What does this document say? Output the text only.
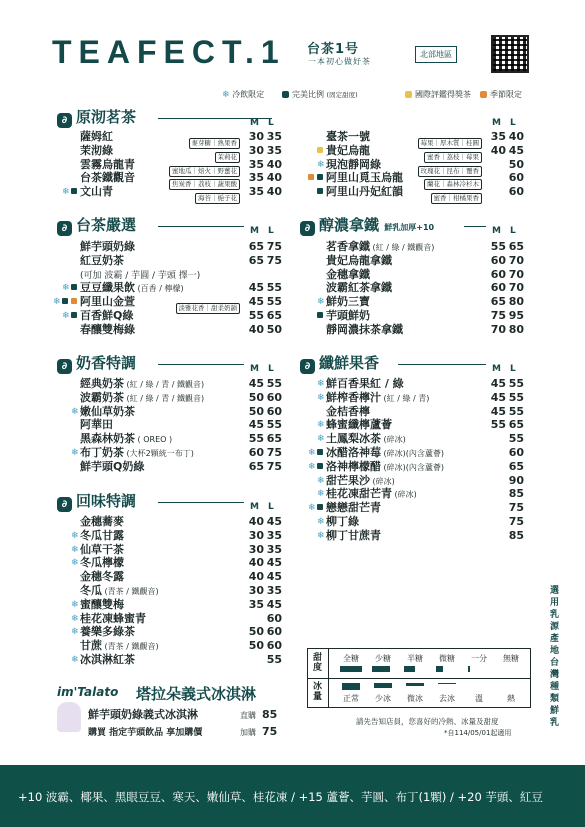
TEAFECT.1 台茶1号
一本初心做好茶
北部地區
❄ 冷飲限定	完美比例 (固定甜度)	國際評鑑得獎茶	季節限定
∂ 原沏茗茶	M L	M L
∂ 台茶嚴選	M L	∂ 醇濃拿鐵 鮮乳加厚+10	M L
∂ 奶香特調	M L	∂ 纖鮮果香	M L
∂ 回味特調	M L
薩姆紅	麥芽糖｜熟果香	30 35
茉沏綠	茉莉花	30 35
雲霧烏龍青	蜜地瓜｜焙火｜野薑花	35 40
台茶鐵觀音	焦炭香｜荔枝｜蔬果酸	35 40
文山青	海苔｜梔子花	35 40
❄
臺茶一號	莓果｜厚木質｜桂圓	35 40
貴妃烏龍	蜜香｜荔枝｜莓果	40 45
現泡靜岡綠	玫瑰花｜昆布｜覆香	50
❄
阿里山覓玉烏龍	蘭花｜森林冷杉木	60
阿里山丹妃紅韻	蜜香｜柑橘果香	60
鮮芋頭奶綠	65 75
紅豆奶茶	65 75
(可加 波霸 / 芋圓 / 芋頭 擇一)
豆豆纖果飲 (百香 / 檸檬)	45 55
❄
阿里山金萱	淡雅花香｜甜柔奶韻	45 55
❄
百香鮮Q綠	55 65
❄
春釀雙梅綠	40 50
茗香拿鐵 (紅 / 綠 / 鐵觀音)	55 65
貴妃烏龍拿鐵	60 70
金穗拿鐵	60 70
波霸紅茶拿鐵	60 70
鮮奶三寶	65 80
❄
芋頭鮮奶	75 95
靜岡濃抹茶拿鐵	70 80
經典奶茶 (紅 / 綠 / 青 / 鐵觀音)	45 55
波霸奶茶 (紅 / 綠 / 青 / 鐵觀音)	50 60
嫩仙草奶茶	50 60
❄
阿華田	45 55
黑森林奶茶 ( OREO )	55 65
布丁奶茶 (大杯2顆統一布丁)	60 75
❄
鮮芋頭Q奶綠	65 75
鮮百香果紅 / 綠	45 55
❄
鮮榨香檸汁 (紅 / 綠 / 青)	45 55
❄
金桔香檸	45 55
蜂蜜纖檸蘆薈	55 65
❄
土鳳梨冰茶 (碎冰)	55
❄
冰醋洛神莓 (碎冰)(內含蘆薈)	60
❄
洛神檸檬醋 (碎冰)(內含蘆薈)	65
❄
甜芒果沙 (碎冰)	90
❄
桂花凍甜芒青 (碎冰)	85
❄
戀戀甜芒青	75
❄
柳丁綠	75
❄
柳丁甘蔗青	85
❄
金穗蕎麥	40 45
冬瓜甘露	30 35
❄
仙草干茶	30 35
❄
冬瓜檸檬	40 45
❄
金穗冬露	40 45
冬瓜 (青茶 / 鐵觀音)	30 35
蜜釀雙梅	35 45
❄
桂花凍蜂蜜青	60
❄
養樂多綠茶	50 60
❄
甘蔗 (青茶 / 鐵觀音)	50 60
冰淇淋紅茶	55
❄
im'Talato 塔拉朵義式冰淇淋
鮮芋頭奶綠義式冰淇淋	直購 85
購買 指定芋頭飲品 享加購價	加購 75
甜度
冰量
全糖	少糖	半糖	微糖	一分	無糖
正常	少冰	微冰	去冰	溫	熱
請先告知店員，您喜好的冷熱、冰量及甜度
*自114/05/01起適用
選用乳源 產地 台灣 種類 鮮乳
+10 波霸、椰果、黑眼豆豆、寒天、嫩仙草、桂花凍 / +15 蘆薈、芋圓、布丁(1顆) / +20 芋頭、紅豆
